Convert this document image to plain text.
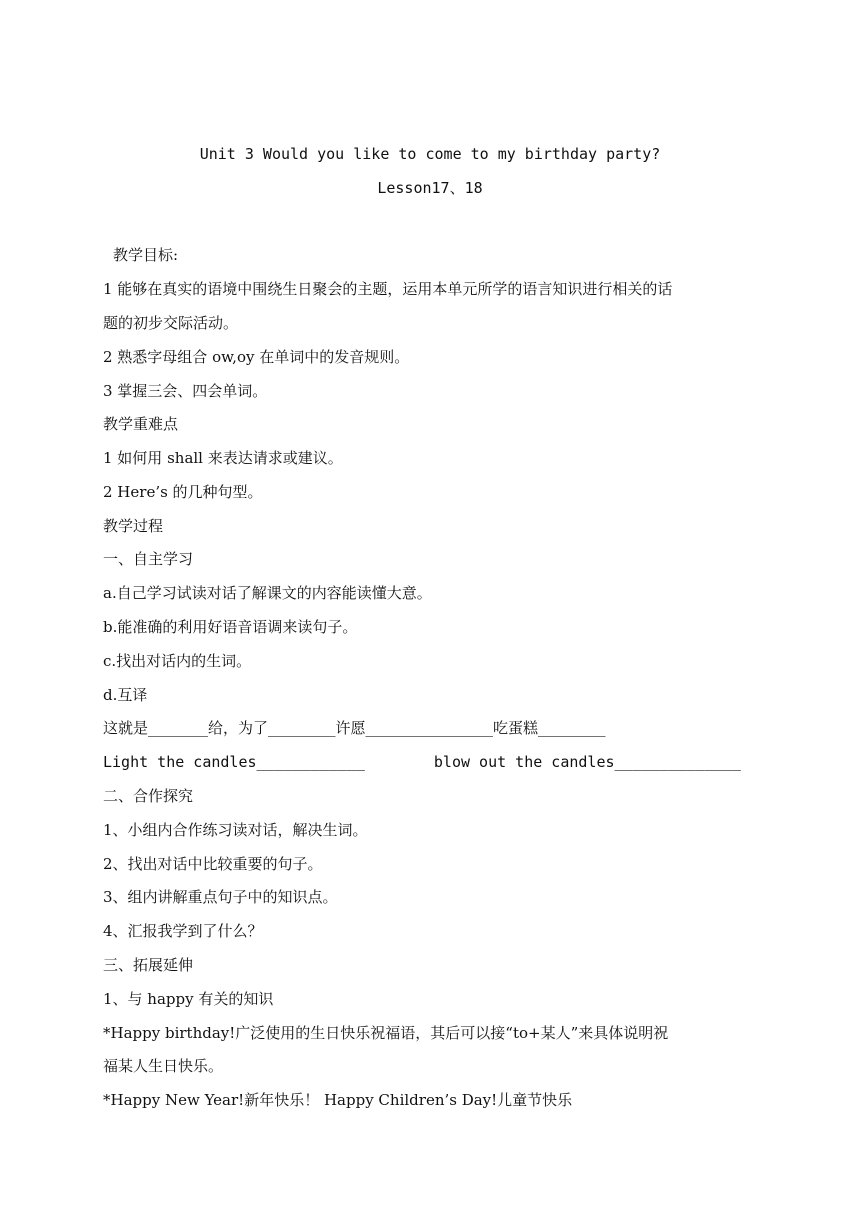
Unit 3 Would you like to come to my birthday party?
Lesson17、18
教学目标:
1 能够在真实的语境中围绕生日聚会的主题，运用本单元所学的语言知识进行相关的话
题的初步交际活动。
2 熟悉字母组合 ow,oy 在单词中的发音规则。
3 掌握三会、四会单词。
教学重难点
1 如何用 shall 来表达请求或建议。
2 Here’s 的几种句型。
教学过程
一、自主学习
a.自己学习试读对话了解课文的内容能读懂大意。
b.能准确的利用好语音语调来读句子。
c.找出对话内的生词。
d.互译
这就是________给，为了_________许愿_________________吃蛋糕_________
Light the candles____________	blow out the candles______________
二、合作探究
1、小组内合作练习读对话，解决生词。
2、找出对话中比较重要的句子。
3、组内讲解重点句子中的知识点。
4、汇报我学到了什么？
三、拓展延伸
1、与 happy 有关的知识
*Happy birthday!广泛使用的生日快乐祝福语，其后可以接“to+某人”来具体说明祝
福某人生日快乐。
*Happy New Year!新年快乐！ Happy Children’s Day!儿童节快乐
